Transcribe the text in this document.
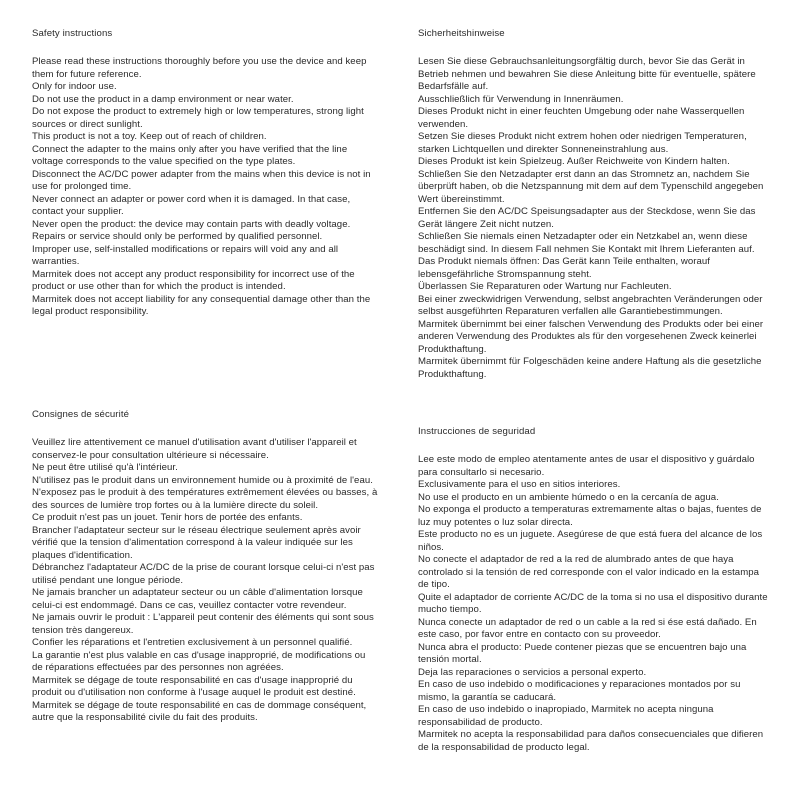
Safety instructions
Please read these instructions thoroughly before you use the device and keep them for future reference.
Only for indoor use.
Do not use the product in a damp environment or near water.
Do not expose the product to extremely high or low temperatures, strong light sources or direct sunlight.
This product is not a toy. Keep out of reach of children.
Connect the adapter to the mains only after you have verified that the line voltage corresponds to the value specified on the type plates.
Disconnect the AC/DC power adapter from the mains when this device is not in use for prolonged time.
Never connect an adapter or power cord when it is damaged. In that case, contact your supplier.
Never open the product: the device may contain parts with deadly voltage.
Repairs or service should only be performed by qualified personnel.
Improper use, self-installed modifications or repairs will void any and all warranties.
Marmitek does not accept any product responsibility for incorrect use of the product or use other than for which the product is intended.
Marmitek does not accept liability for any consequential damage other than the legal product responsibility.
Consignes de sécurité
Veuillez lire attentivement ce manuel d'utilisation avant d'utiliser l'appareil et conservez-le pour consultation ultérieure si nécessaire.
Ne peut être utilisé qu'à l'intérieur.
N'utilisez pas le produit dans un environnement humide ou à proximité de l'eau.
N'exposez pas le produit à des températures extrêmement élevées ou basses, à des sources de lumière trop fortes ou à la lumière directe du soleil.
Ce produit n'est pas un jouet. Tenir hors de portée des enfants.
Brancher l'adaptateur secteur sur le réseau électrique seulement après avoir vérifié que la tension d'alimentation correspond à la valeur indiquée sur les plaques d'identification.
Débranchez l'adaptateur AC/DC de la prise de courant lorsque celui-ci n'est pas utilisé pendant une longue période.
Ne jamais brancher un adaptateur secteur ou un câble d'alimentation lorsque celui-ci est endommagé. Dans ce cas, veuillez contacter votre revendeur.
Ne jamais ouvrir le produit : L'appareil peut contenir des éléments qui sont sous tension très dangereux.
Confier les réparations et l'entretien exclusivement à un personnel qualifié.
La garantie n'est plus valable en cas d'usage inapproprié, de modifications ou de réparations effectuées par des personnes non agréées.
Marmitek se dégage de toute responsabilité en cas d'usage inapproprié du produit ou d'utilisation non conforme à l'usage auquel le produit est destiné.
Marmitek se dégage de toute responsabilité en cas de dommage conséquent, autre que la responsabilité civile du fait des produits.
Sicherheitshinweise
Lesen Sie diese Gebrauchsanleitungsorgfältig durch, bevor Sie das Gerät in Betrieb nehmen und bewahren Sie diese Anleitung bitte für eventuelle, spätere Bedarfsfälle auf.
Ausschließlich für Verwendung in Innenräumen.
Dieses Produkt nicht in einer feuchten Umgebung oder nahe Wasserquellen verwenden.
Setzen Sie dieses Produkt nicht extrem hohen oder niedrigen Temperaturen, starken Lichtquellen und direkter Sonneneinstrahlung aus.
Dieses Produkt ist kein Spielzeug. Außer Reichweite von Kindern halten.
Schließen Sie den Netzadapter erst dann an das Stromnetz an, nachdem Sie überprüft haben, ob die Netzspannung mit dem auf dem Typenschild angegeben Wert übereinstimmt.
Entfernen Sie den AC/DC Speisungsadapter aus der Steckdose, wenn Sie das Gerät längere Zeit nicht nutzen.
Schließen Sie niemals einen Netzadapter oder ein Netzkabel an, wenn diese beschädigt sind. In diesem Fall nehmen Sie Kontakt mit Ihrem Lieferanten auf.
Das Produkt niemals öffnen: Das Gerät kann Teile enthalten, worauf lebensgefährliche Stromspannung steht.
Überlassen Sie Reparaturen oder Wartung nur Fachleuten.
Bei einer zweckwidrigen Verwendung, selbst angebrachten Veränderungen oder selbst ausgeführten Reparaturen verfallen alle Garantiebestimmungen.
Marmitek übernimmt bei einer falschen Verwendung des Produkts oder bei einer anderen Verwendung des Produktes als für den vorgesehenen Zweck keinerlei Produkthaftung.
Marmitek übernimmt für Folgeschäden keine andere Haftung als die gesetzliche Produkthaftung.
Instrucciones de seguridad
Lee este modo de empleo atentamente antes de usar el dispositivo y guárdalo para consultarlo si necesario.
Exclusivamente para el uso en sitios interiores.
No use el producto en un ambiente húmedo o en la cercanía de agua.
No exponga el producto a temperaturas extremamente altas o bajas, fuentes de luz muy potentes o luz solar directa.
Este producto no es un juguete. Asegúrese de que está fuera del alcance de los niños.
No conecte el adaptador de red a la red de alumbrado antes de que haya controlado si la tensión de red corresponde con el valor indicado en la estampa de tipo.
Quite el adaptador de corriente AC/DC de la toma si no usa el dispositivo durante mucho tiempo.
Nunca conecte un adaptador de red o un cable a la red si ése está dañado. En este caso, por favor entre en contacto con su proveedor.
Nunca abra el producto: Puede contener piezas que se encuentren bajo una tensión mortal.
Deja las reparaciones o servicios a personal experto.
En caso de uso indebido o modificaciones y reparaciones montados por su mismo, la garantía se caducará.
En caso de uso indebido o inapropiado, Marmitek no acepta ninguna responsabilidad de producto.
Marmitek no acepta la responsabilidad para daños consecuenciales que difieren de la responsabilidad de producto legal.
